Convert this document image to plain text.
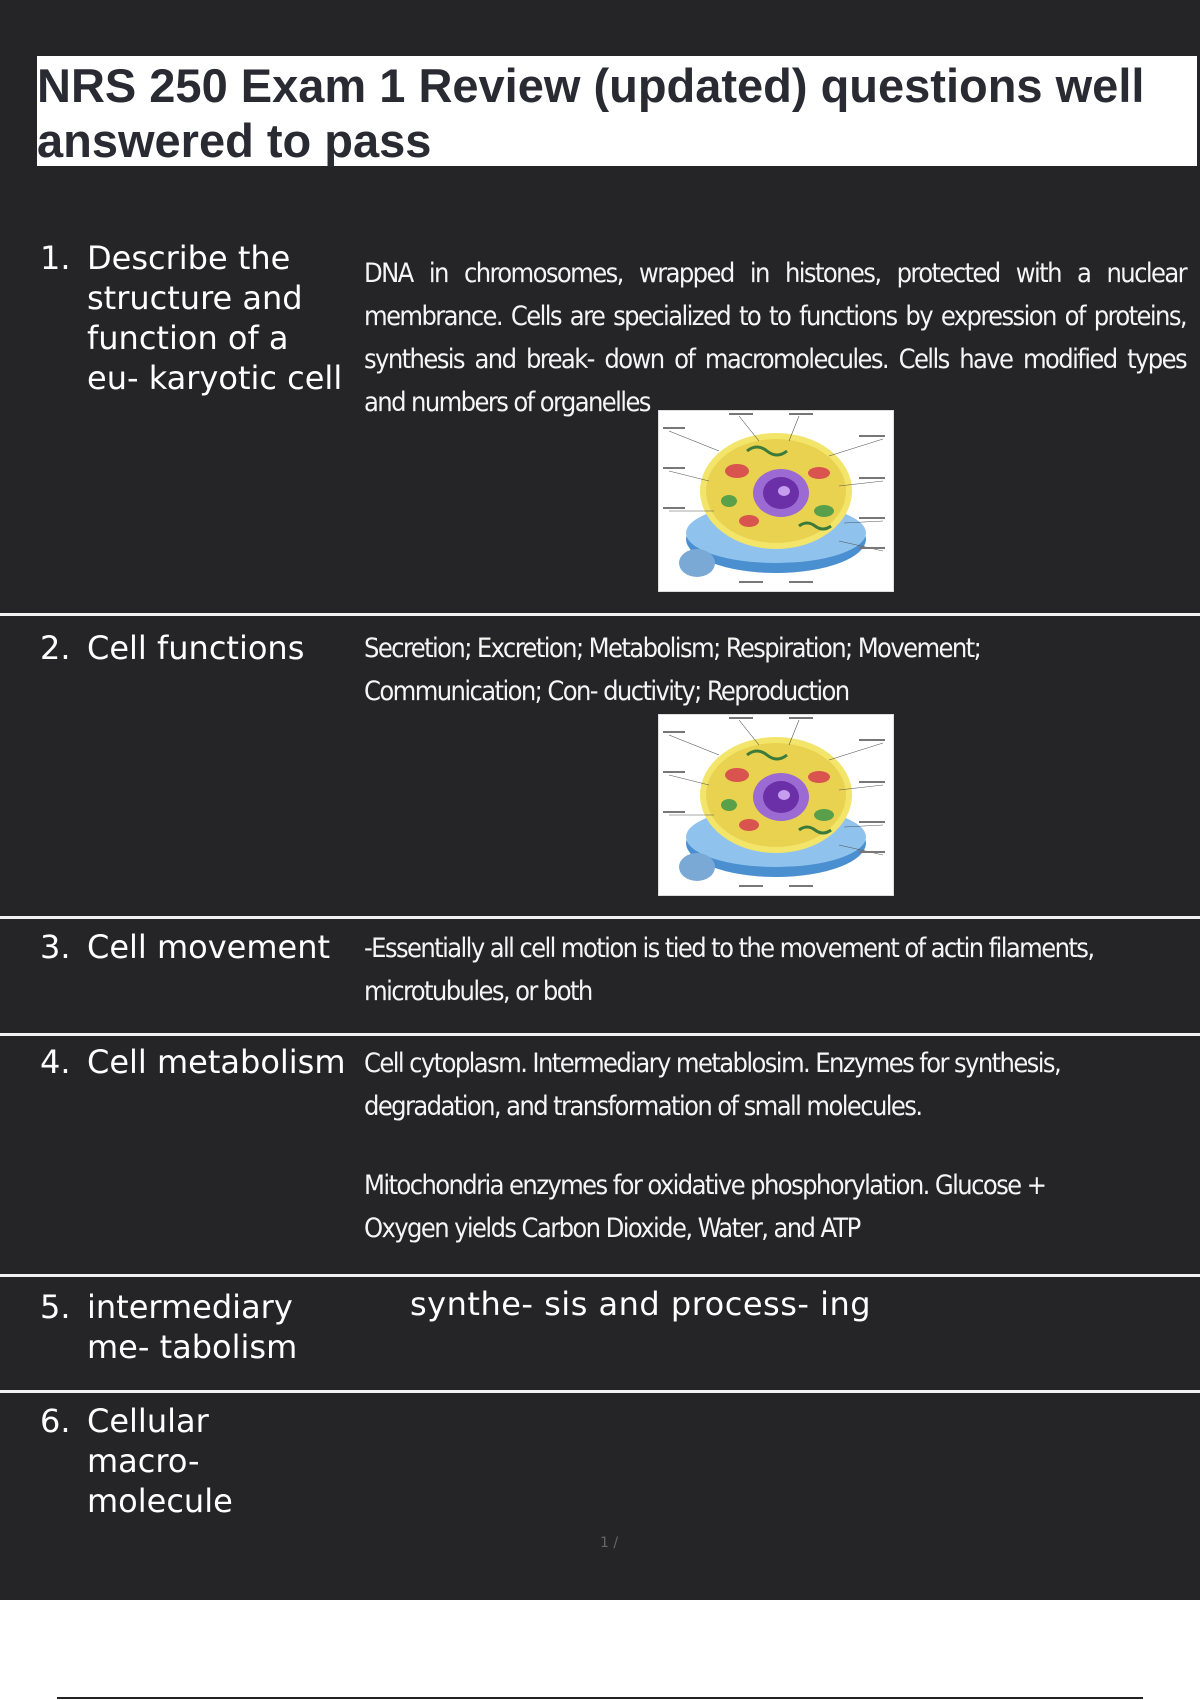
NRS 250 Exam 1 Review (updated) questions well answered to pass
1. Describe the structure and function of a eu- karyotic cell

DNA in chromosomes, wrapped in histones, protected with a nuclear membrance. Cells are specialized to to functions by expression of proteins, synthesis and break- down of macromolecules. Cells have modified types and numbers of organelles

2. Cell functions	Secretion; Excretion; Metabolism; Respiration; Movement; Communication; Con- ductivity; Reproduction

3. Cell movement	-Essentially all cell motion is tied to the movement of actin filaments, microtubules, or both

4. Cell metabolism Cell cytoplasm. Intermediary metablosim. Enzymes for synthesis, degradation, and transformation of small molecules.

Mitochondria enzymes for oxidative phosphorylation. Glucose + Oxygen yields Carbon Dioxide, Water, and ATP

5. intermediary me- tabolism
synthe- sis and process- ing
6. Cellular macro- molecule
1 /
